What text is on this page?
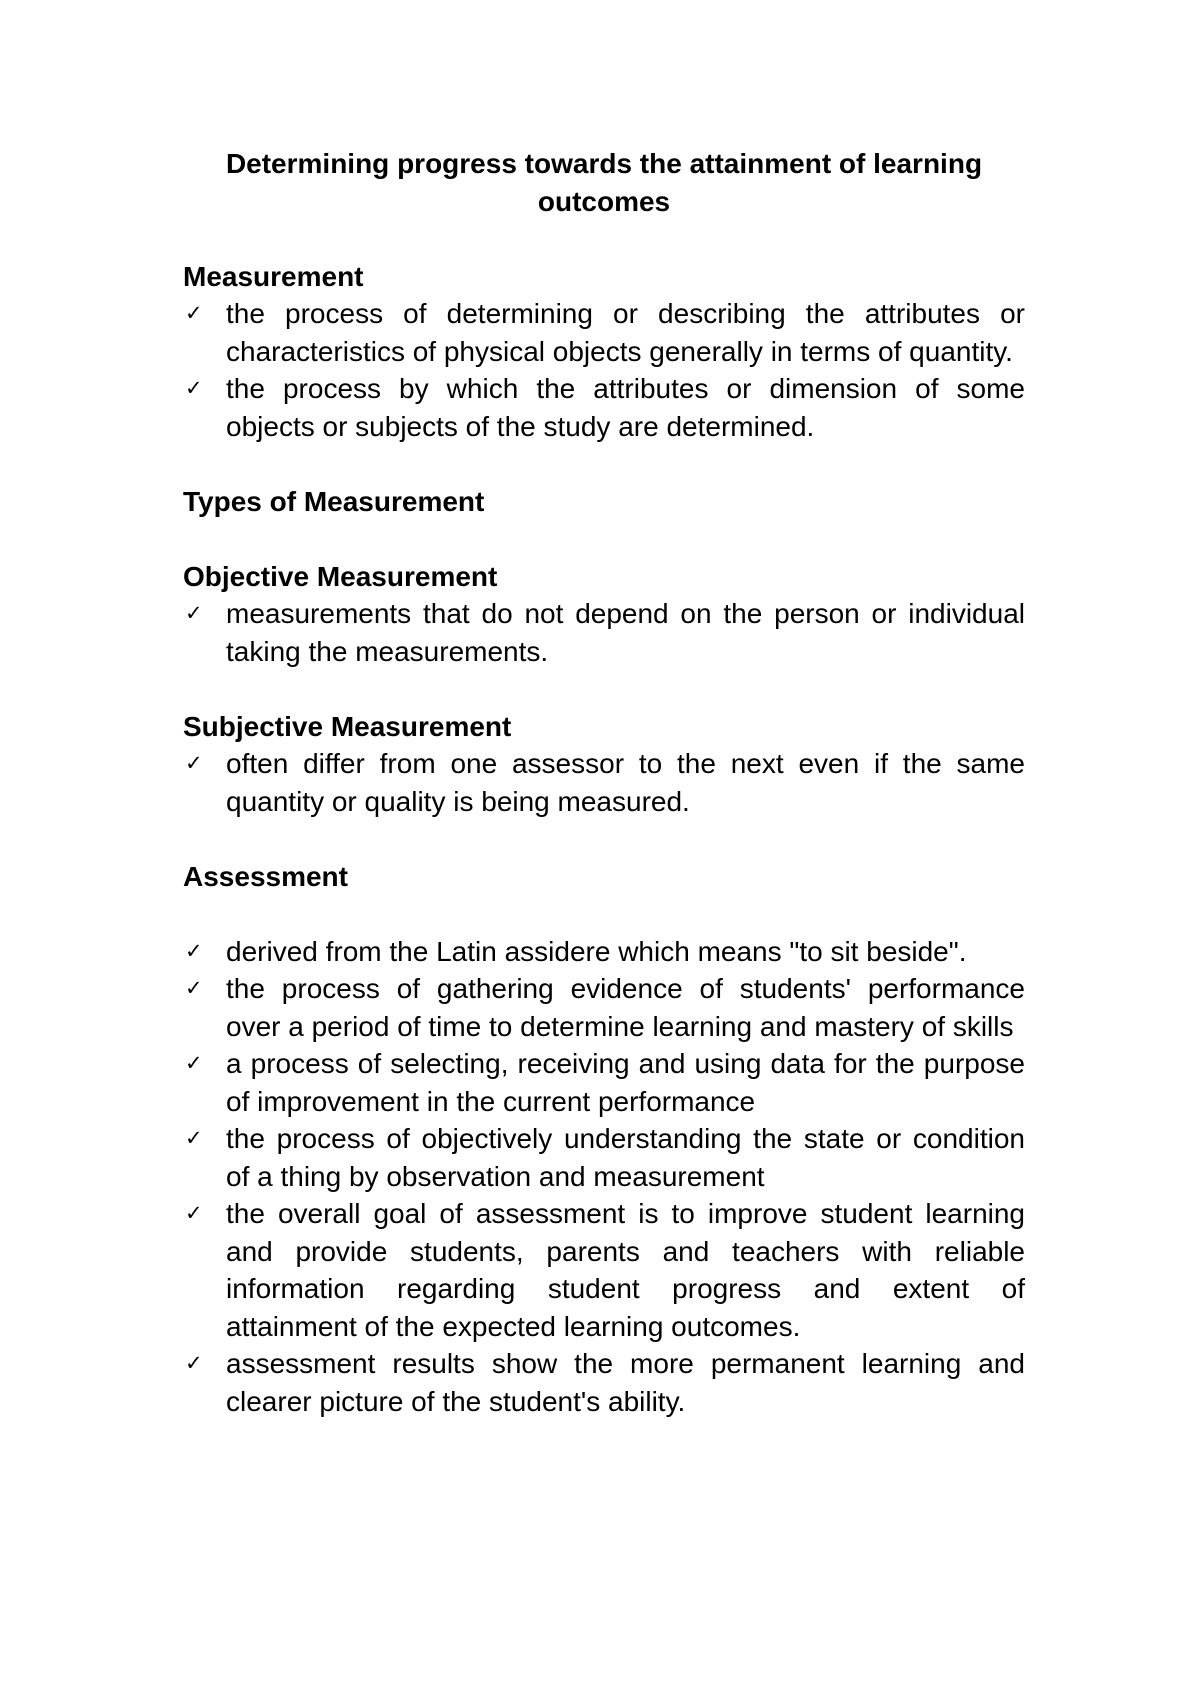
Determining progress towards the attainment of learning outcomes
Measurement
✓
the process of determining or describing the attributes or
characteristics of physical objects generally in terms of quantity.
✓
the process by which the attributes or dimension of some
objects or subjects of the study are determined.
Types of Measurement
Objective Measurement
✓
measurements that do not depend on the person or individual
taking the measurements.
Subjective Measurement
✓
often differ from one assessor to the next even if the same
quantity or quality is being measured.
Assessment
✓
derived from the Latin assidere which means "to sit beside".
✓
the process of gathering evidence of students' performance
over a period of time to determine learning and mastery of skills
✓
a process of selecting, receiving and using data for the purpose
of improvement in the current performance
✓
the process of objectively understanding the state or condition
of a thing by observation and measurement
✓
the overall goal of assessment is to improve student learning
and provide students, parents and teachers with reliable
information regarding student progress and extent of
attainment of the expected learning outcomes.
✓
assessment results show the more permanent learning and
clearer picture of the student's ability.
